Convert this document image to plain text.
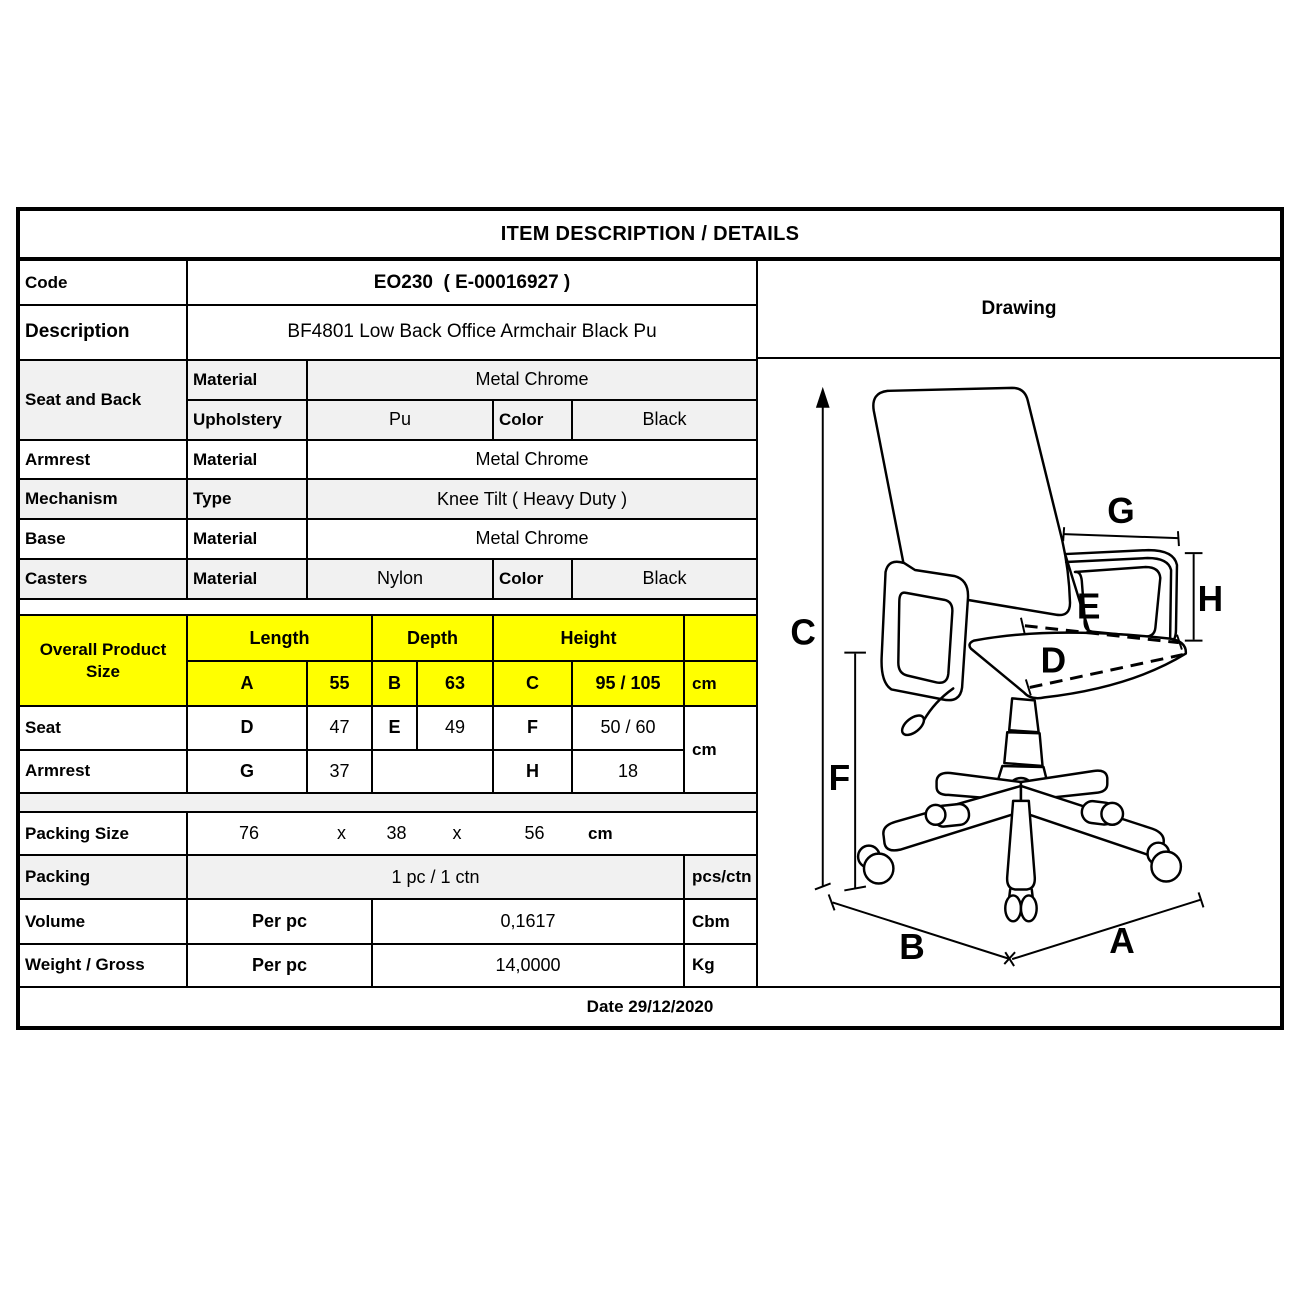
ITEM DESCRIPTION / DETAILS
Code	EO230  ( E-00016927 )						
Description	BF4801 Low Back Office Armchair Black Pu						
Seat and Back	Material	Metal Chrome					
	Upholstery	Pu			Color	Black	
Armrest	Material	Metal Chrome					
Mechanism	Type	Knee Tilt ( Heavy Duty )					
Base	Material	Metal Chrome					
Casters	Material	Nylon			Color	Black	

Overall Product Size	Length		Depth		Height		
	A	55	B	63	C	95 / 105	cm
Seat	D	47	E	49	F	50 / 60	cm
Armrest	G	37			H	18	

Packing Size	76	x	38	x	56	cm

Packing	1 pc / 1 ctn						pcs/ctn
Volume	Per pc		0,1617				Cbm
Weight / Gross	Per pc		14,0000				Kg
Drawing
C
F
E
D
G
H
B	A
Date 29/12/2020
